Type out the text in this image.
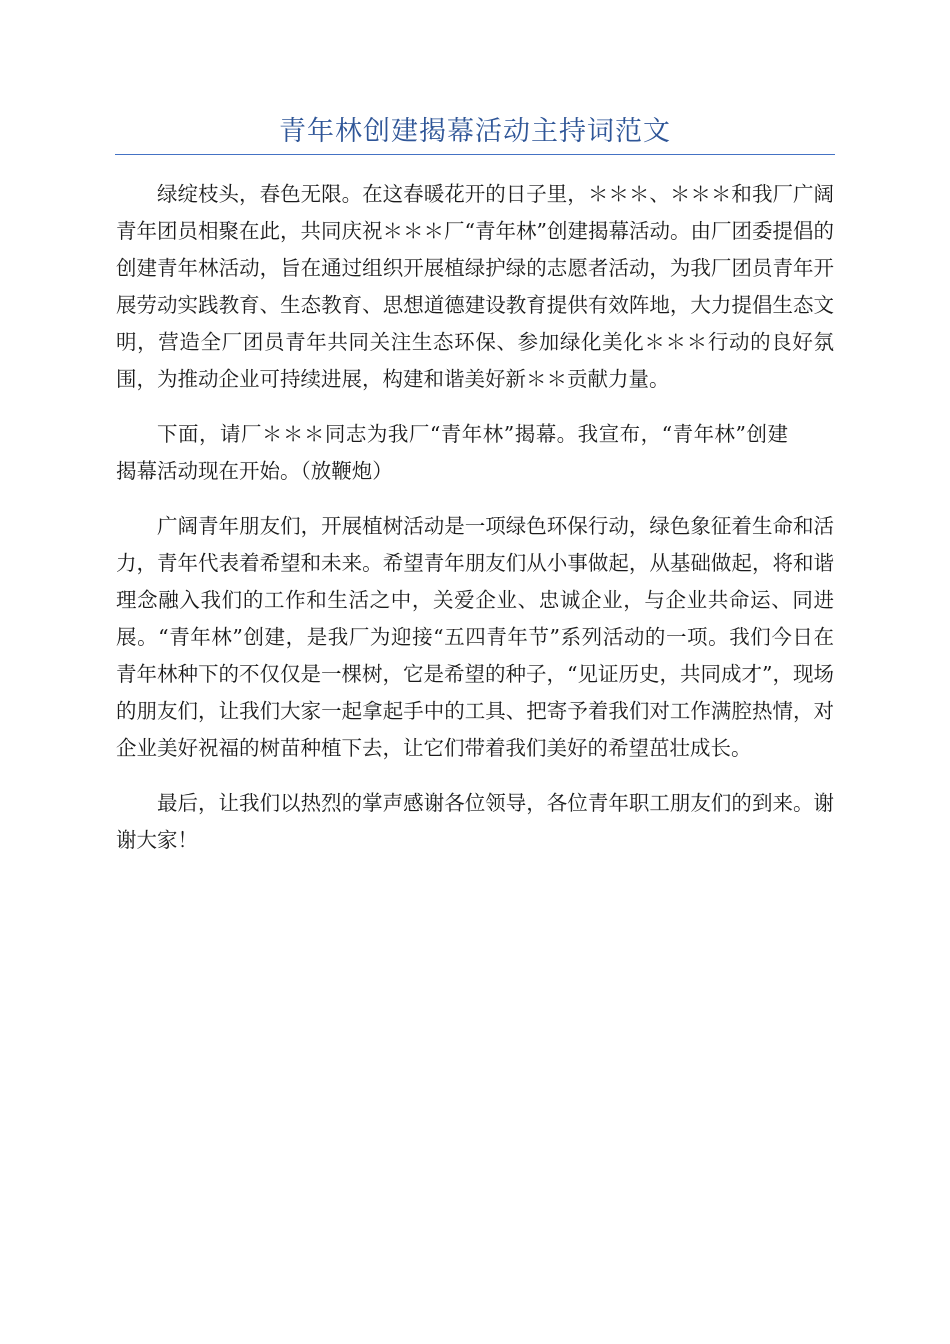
青年林创建揭幕活动主持词范文

绿绽枝头，春色无限。在这春暖花开的日子里，＊＊＊、＊＊＊和我厂广阔青年团员相聚在此，共同庆祝＊＊＊厂“青年林”创建揭幕活动。由厂团委提倡的创建青年林活动，旨在通过组织开展植绿护绿的志愿者活动，为我厂团员青年开展劳动实践教育、生态教育、思想道德建设教育提供有效阵地，大力提倡生态文明，营造全厂团员青年共同关注生态环保、参加绿化美化＊＊＊行动的良好氛围，为推动企业可持续进展，构建和谐美好新＊＊贡献力量。

下面，请厂＊＊＊同志为我厂“青年林”揭幕。我宣布，“青年林”创建揭幕活动现在开始。（放鞭炮）

广阔青年朋友们，开展植树活动是一项绿色环保行动，绿色象征着生命和活力，青年代表着希望和未来。希望青年朋友们从小事做起，从基础做起，将和谐理念融入我们的工作和生活之中，关爱企业、忠诚企业，与企业共命运、同进展。“青年林”创建，是我厂为迎接“五四青年节”系列活动的一项。我们今日在青年林种下的不仅仅是一棵树，它是希望的种子，“见证历史，共同成才”，现场的朋友们，让我们大家一起拿起手中的工具、把寄予着我们对工作满腔热情，对企业美好祝福的树苗种植下去，让它们带着我们美好的希望茁壮成长。

最后，让我们以热烈的掌声感谢各位领导，各位青年职工朋友们的到来。谢谢大家！
